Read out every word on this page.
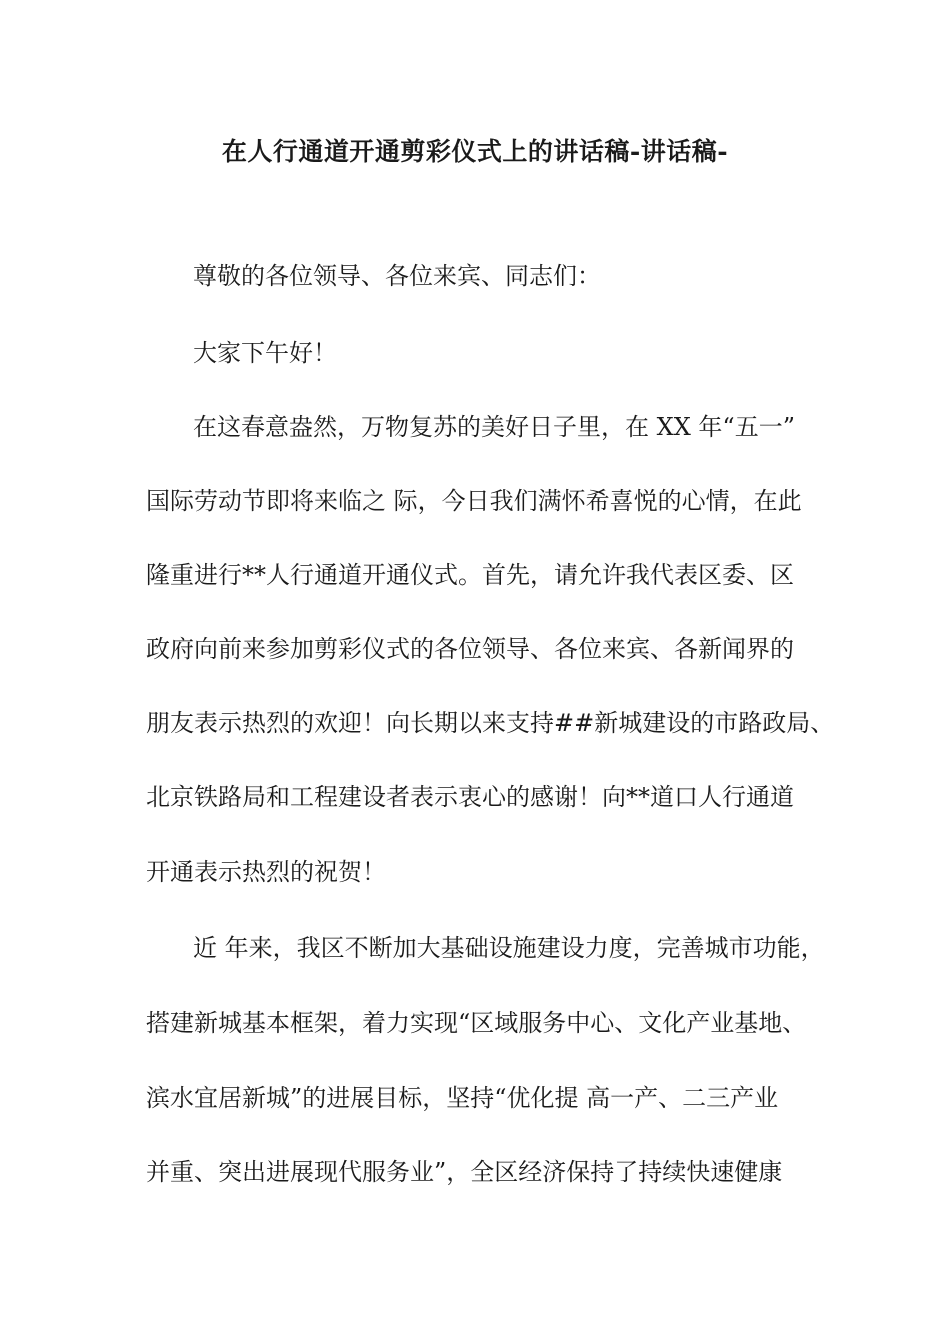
在人行通道开通剪彩仪式上的讲话稿-讲话稿-

尊敬的各位领导、各位来宾、同志们：

大家下午好！

在这春意盎然，万物复苏的美好日子里，在 XX 年“五一”

国际劳动节即将来临之 际，今日我们满怀希喜悦的心情，在此

隆重进行**人行通道开通仪式。首先，请允许我代表区委、区

政府向前来参加剪彩仪式的各位领导、各位来宾、各新闻界的

朋友表示热烈的欢迎！向长期以来支持##新城建设的市路政局、

北京铁路局和工程建设者表示衷心的感谢！向**道口人行通道

开通表示热烈的祝贺！

近 年来，我区不断加大基础设施建设力度，完善城市功能，

搭建新城基本框架，着力实现“区域服务中心、文化产业基地、

滨水宜居新城”的进展目标，坚持“优化提 高一产、二三产业

并重、突出进展现代服务业”，全区经济保持了持续快速健康
